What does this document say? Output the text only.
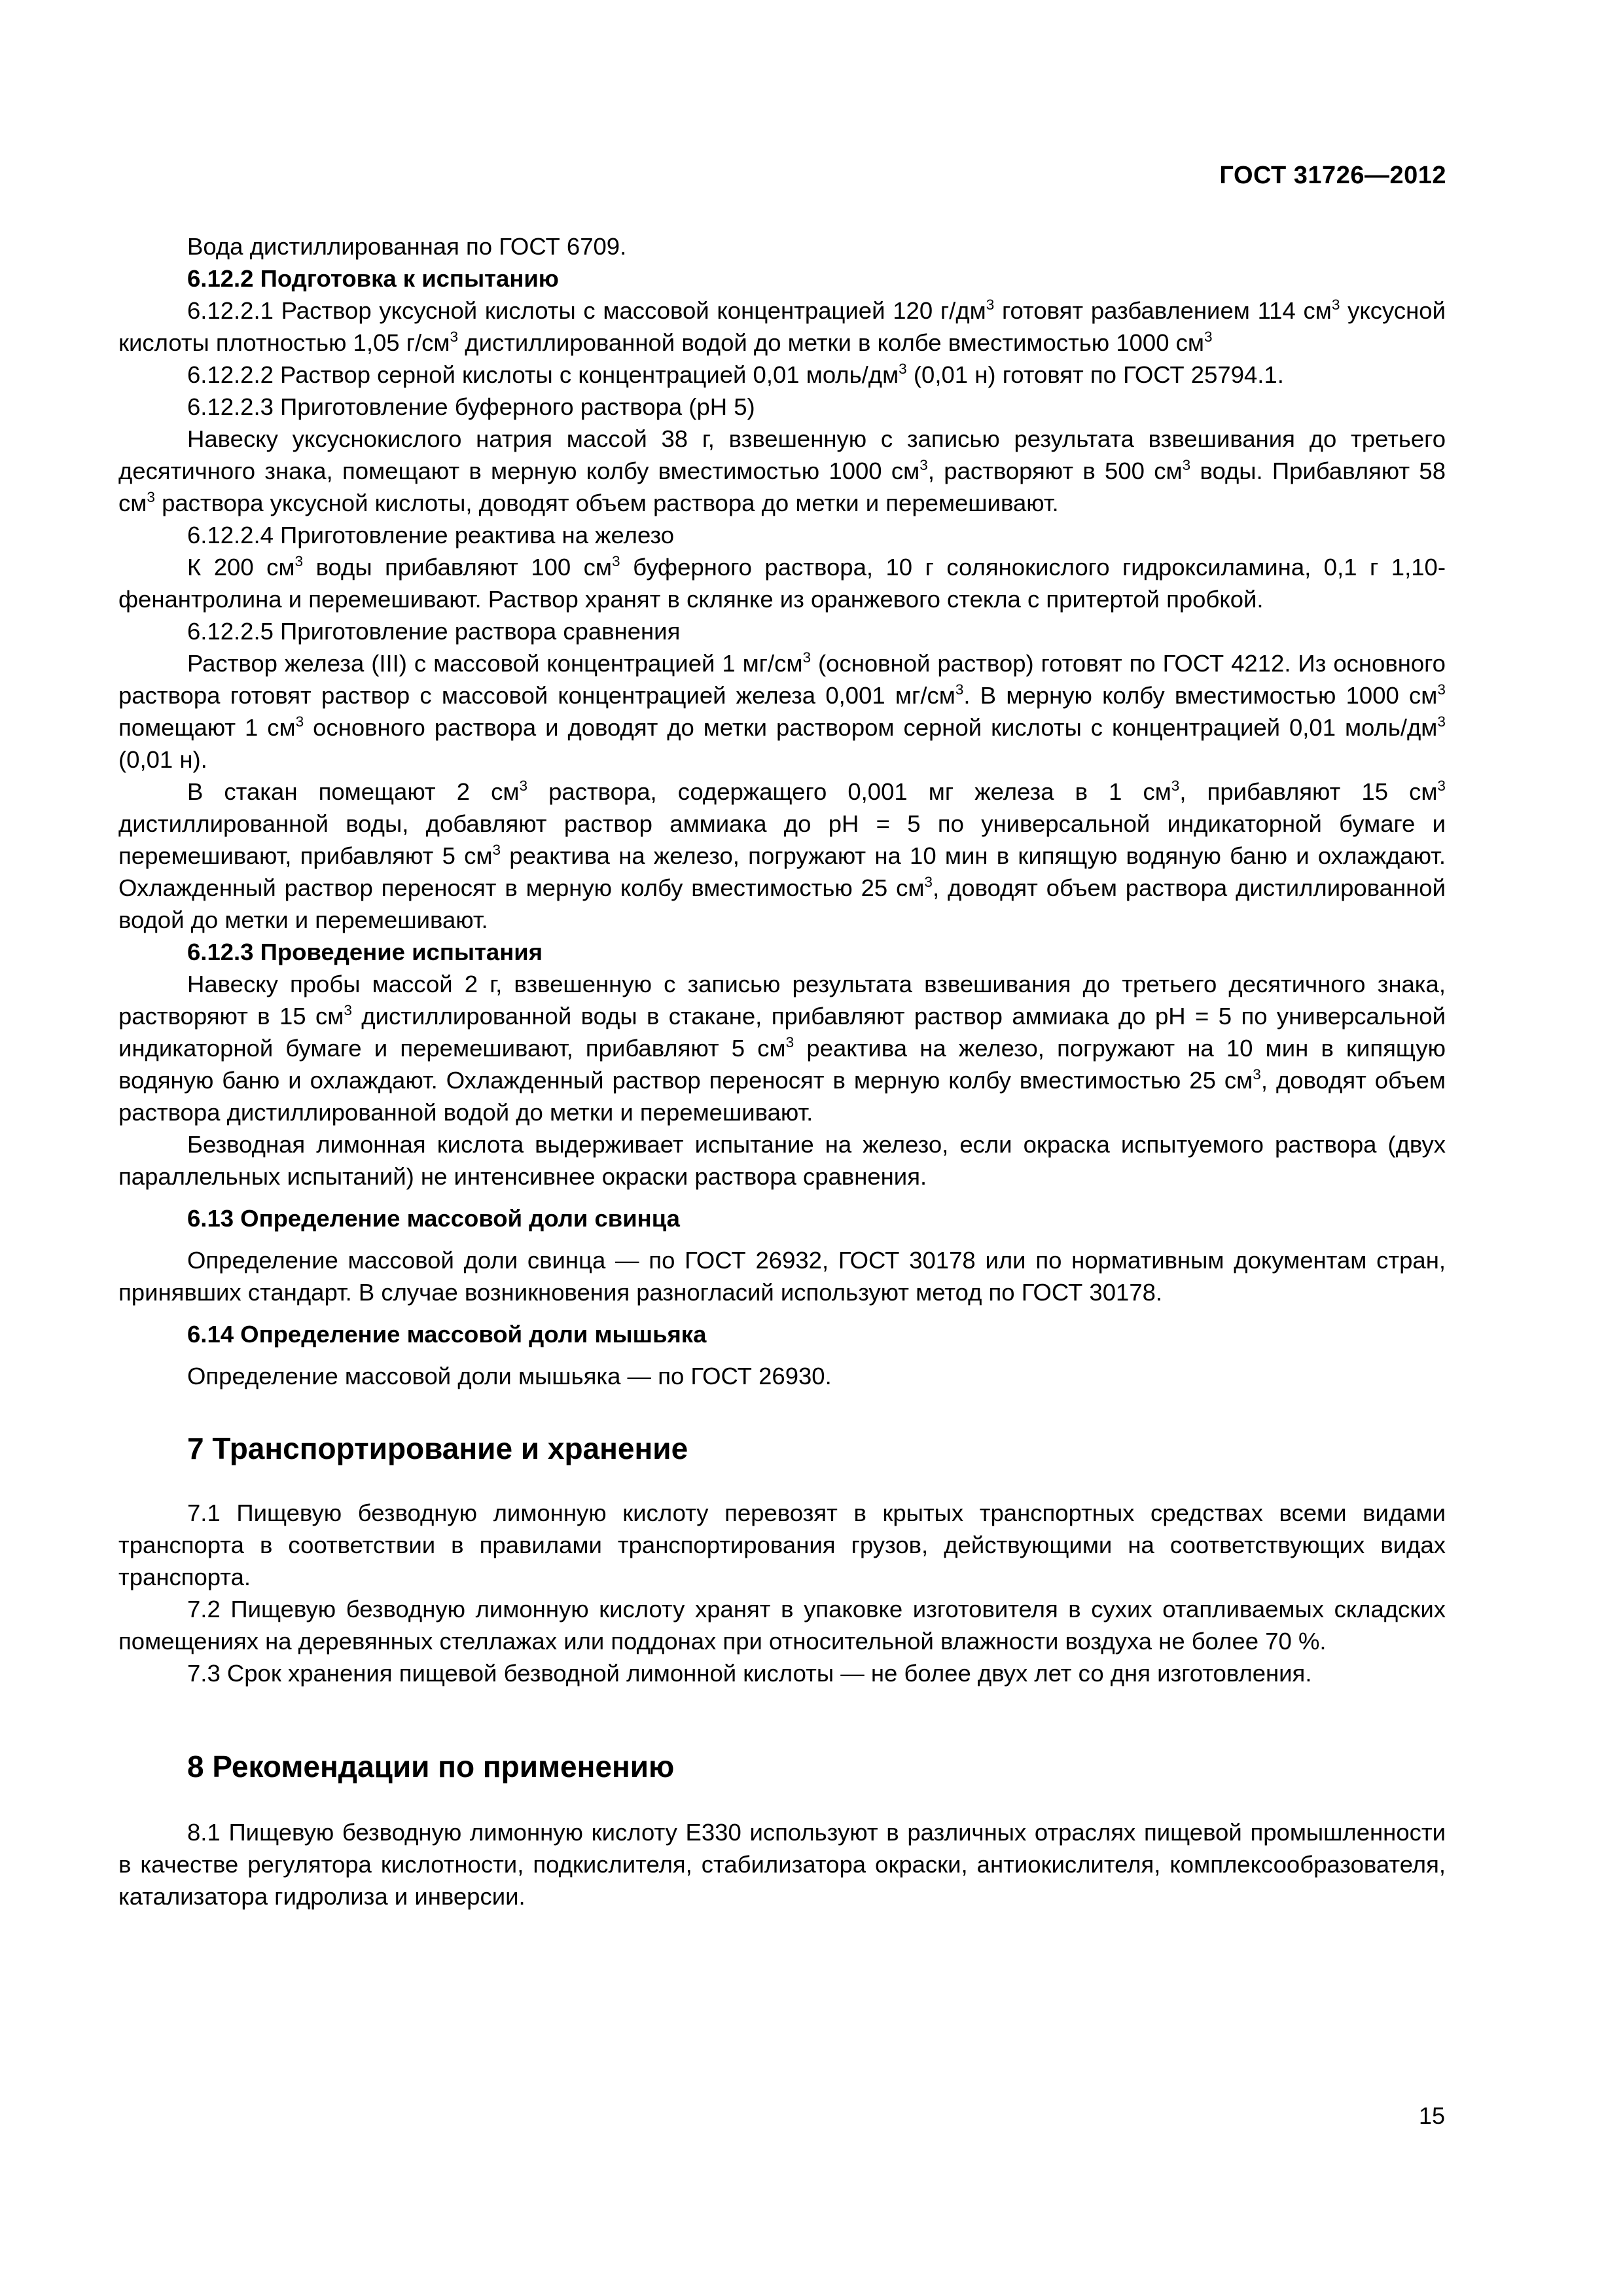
ГОСТ 31726—2012

Вода дистиллированная по ГОСТ 6709.

6.12.2 Подготовка к испытанию

6.12.2.1 Раствор уксусной кислоты с массовой концентрацией 120 $г/дм^3$ готовят разбавлением 114 $см^3$ уксусной кислоты плотностью 1,05 $г/см^3$ дистиллированной водой до метки в колбе вместимостью 1000 $см^3$

6.12.2.2 Раствор серной кислоты с концентрацией 0,01 моль/$дм^3$ (0,01 н) готовят по ГОСТ 25794.1.

6.12.2.3 Приготовление буферного раствора (pH 5)

Навеску уксуснокислого натрия массой 38 г, взвешенную с записью результата взвешивания до третьего десятичного знака, помещают в мерную колбу вместимостью 1000 $см^3$, растворяют в 500 $см^3$ воды. Прибавляют 58 $см^3$ раствора уксусной кислоты, доводят объем раствора до метки и перемешивают.

6.12.2.4 Приготовление реактива на железо

К 200 $см^3$ воды прибавляют 100 $см^3$ буферного раствора, 10 г солянокислого гидроксиламина, 0,1 г 1,10-фенантролина и перемешивают. Раствор хранят в склянке из оранжевого стекла с притертой пробкой.

6.12.2.5 Приготовление раствора сравнения

Раствор железа (III) с массовой концентрацией 1 $мг/см^3$ (основной раствор) готовят по ГОСТ 4212. Из основного раствора готовят раствор с массовой концентрацией железа 0,001 $мг/см^3$. В мерную колбу вместимостью 1000 $см^3$ помещают 1 $см^3$ основного раствора и доводят до метки раствором серной кислоты с концентрацией 0,01 моль/$дм^3$ (0,01 н).

В стакан помещают 2 $см^3$ раствора, содержащего 0,001 мг железа в 1 $см^3$, прибавляют 15 $см^3$ дистиллированной воды, добавляют раствор аммиака до pH = 5 по универсальной индикаторной бумаге и перемешивают, прибавляют 5 $см^3$ реактива на железо, погружают на 10 мин в кипящую водяную баню и охлаждают. Охлажденный раствор переносят в мерную колбу вместимостью 25 $см^3$, доводят объем раствора дистиллированной водой до метки и перемешивают.

6.12.3 Проведение испытания

Навеску пробы массой 2 г, взвешенную с записью результата взвешивания до третьего десятичного знака, растворяют в 15 $см^3$ дистиллированной воды в стакане, прибавляют раствор аммиака до pH = 5 по универсальной индикаторной бумаге и перемешивают, прибавляют 5 $см^3$ реактива на железо, погружают на 10 мин в кипящую водяную баню и охлаждают. Охлажденный раствор переносят в мерную колбу вместимостью 25 $см^3$, доводят объем раствора дистиллированной водой до метки и перемешивают.

Безводная лимонная кислота выдерживает испытание на железо, если окраска испытуемого раствора (двух параллельных испытаний) не интенсивнее окраски раствора сравнения.

6.13 Определение массовой доли свинца

Определение массовой доли свинца — по ГОСТ 26932, ГОСТ 30178 или по нормативным документам стран, принявших стандарт. В случае возникновения разногласий используют метод по ГОСТ 30178.

6.14 Определение массовой доли мышьяка

Определение массовой доли мышьяка — по ГОСТ 26930.

7 Транспортирование и хранение

7.1 Пищевую безводную лимонную кислоту перевозят в крытых транспортных средствах всеми видами транспорта в соответствии в правилами транспортирования грузов, действующими на соответствующих видах транспорта.

7.2 Пищевую безводную лимонную кислоту хранят в упаковке изготовителя в сухих отапливаемых складских помещениях на деревянных стеллажах или поддонах при относительной влажности воздуха не более 70 %.

7.3 Срок хранения пищевой безводной лимонной кислоты — не более двух лет со дня изготовления.

8 Рекомендации по применению

8.1 Пищевую безводную лимонную кислоту Е330 используют в различных отраслях пищевой промышленности в качестве регулятора кислотности, подкислителя, стабилизатора окраски, антиокислителя, комплексообразователя, катализатора гидролиза и инверсии.

15
